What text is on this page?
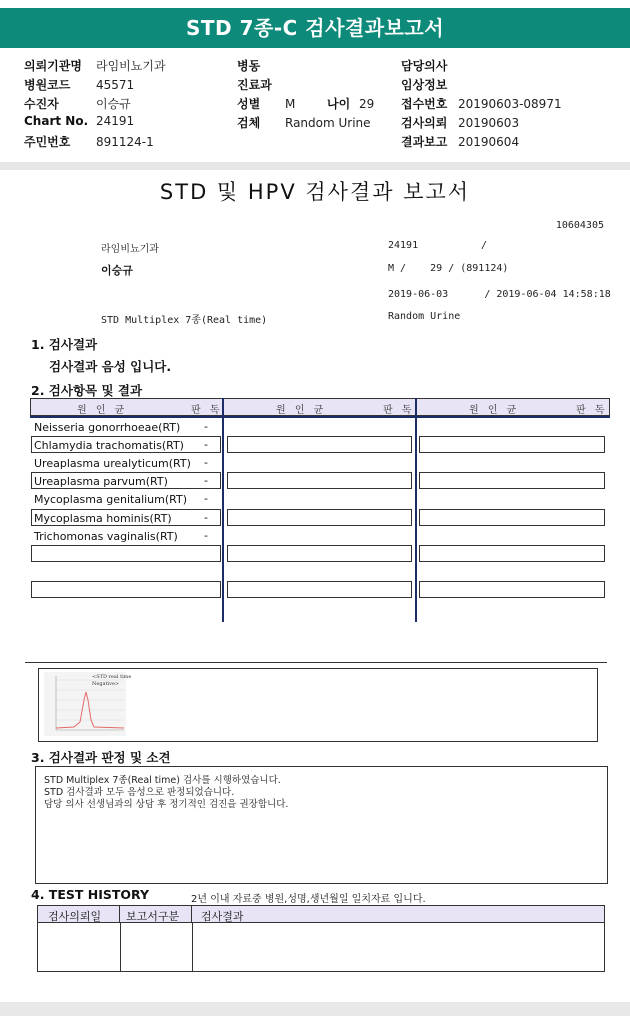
STD 7종-C 검사결과보고서
의뢰기관명 라임비뇨기과
병원코드 45571
수진자	이승규
Chart No. 24191
주민번호 891124-1
병동
진료과
성별 M	나이 29
검체 Random Urine
담당의사
임상정보
접수번호 20190603-08971
검사의뢰 20190603
결과보고 20190604
STD 및 HPV 검사결과 보고서
10604305
라임비뇨기과	24191	/
이승규	M /    29 / (891124)
2019-06-03      / 2019-06-04 14:58:18
STD Multiplex 7종(Real time)	Random Urine
1. 검사결과
검사결과 음성 입니다.
2. 검사항목 및 결과
원 인 균	판 독	원 인 균	판 독	원 인 균	판 독
Neisseria gonorrhoeae(RT) -
Chlamydia trachomatis(RT) -
Ureaplasma urealyticum(RT) -
Ureaplasma parvum(RT)	-
Mycoplasma genitalium(RT) -
Mycoplasma hominis(RT)	-
Trichomonas vaginalis(RT) -
<STD real time
Negative>
3. 검사결과 판정 및 소견
STD Multiplex 7종(Real time) 검사를 시행하였습니다.
STD 검사결과 모두 음성으로 판정되었습니다.
담당 의사 선생님과의 상담 후 정기적인 검진을 권장합니다.
4. TEST HISTORY	2년 이내 자료중 병원,성명,생년월일 일치자료 입니다.
검사의뢰일 보고서구분 검사결과
